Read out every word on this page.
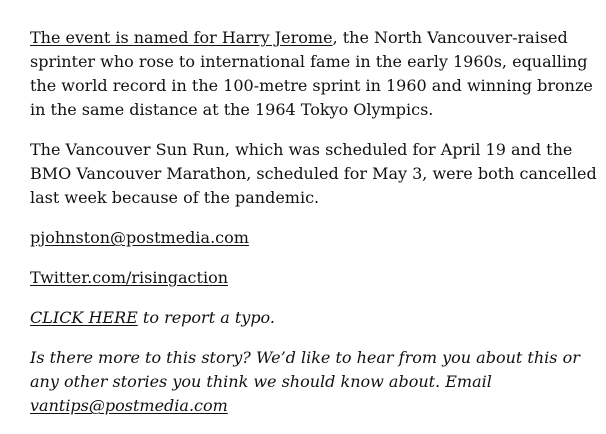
The event is named for Harry Jerome, the North Vancouver-raised sprinter who rose to international fame in the early 1960s, equalling the world record in the 100-metre sprint in 1960 and winning bronze in the same distance at the 1964 Tokyo Olympics.

The Vancouver Sun Run, which was scheduled for April 19 and the BMO Vancouver Marathon, scheduled for May 3, were both cancelled last week because of the pandemic.

pjohnston@postmedia.com

Twitter.com/risingaction

CLICK HERE to report a typo.

Is there more to this story? We’d like to hear from you about this or any other stories you think we should know about. Email vantips@postmedia.com
